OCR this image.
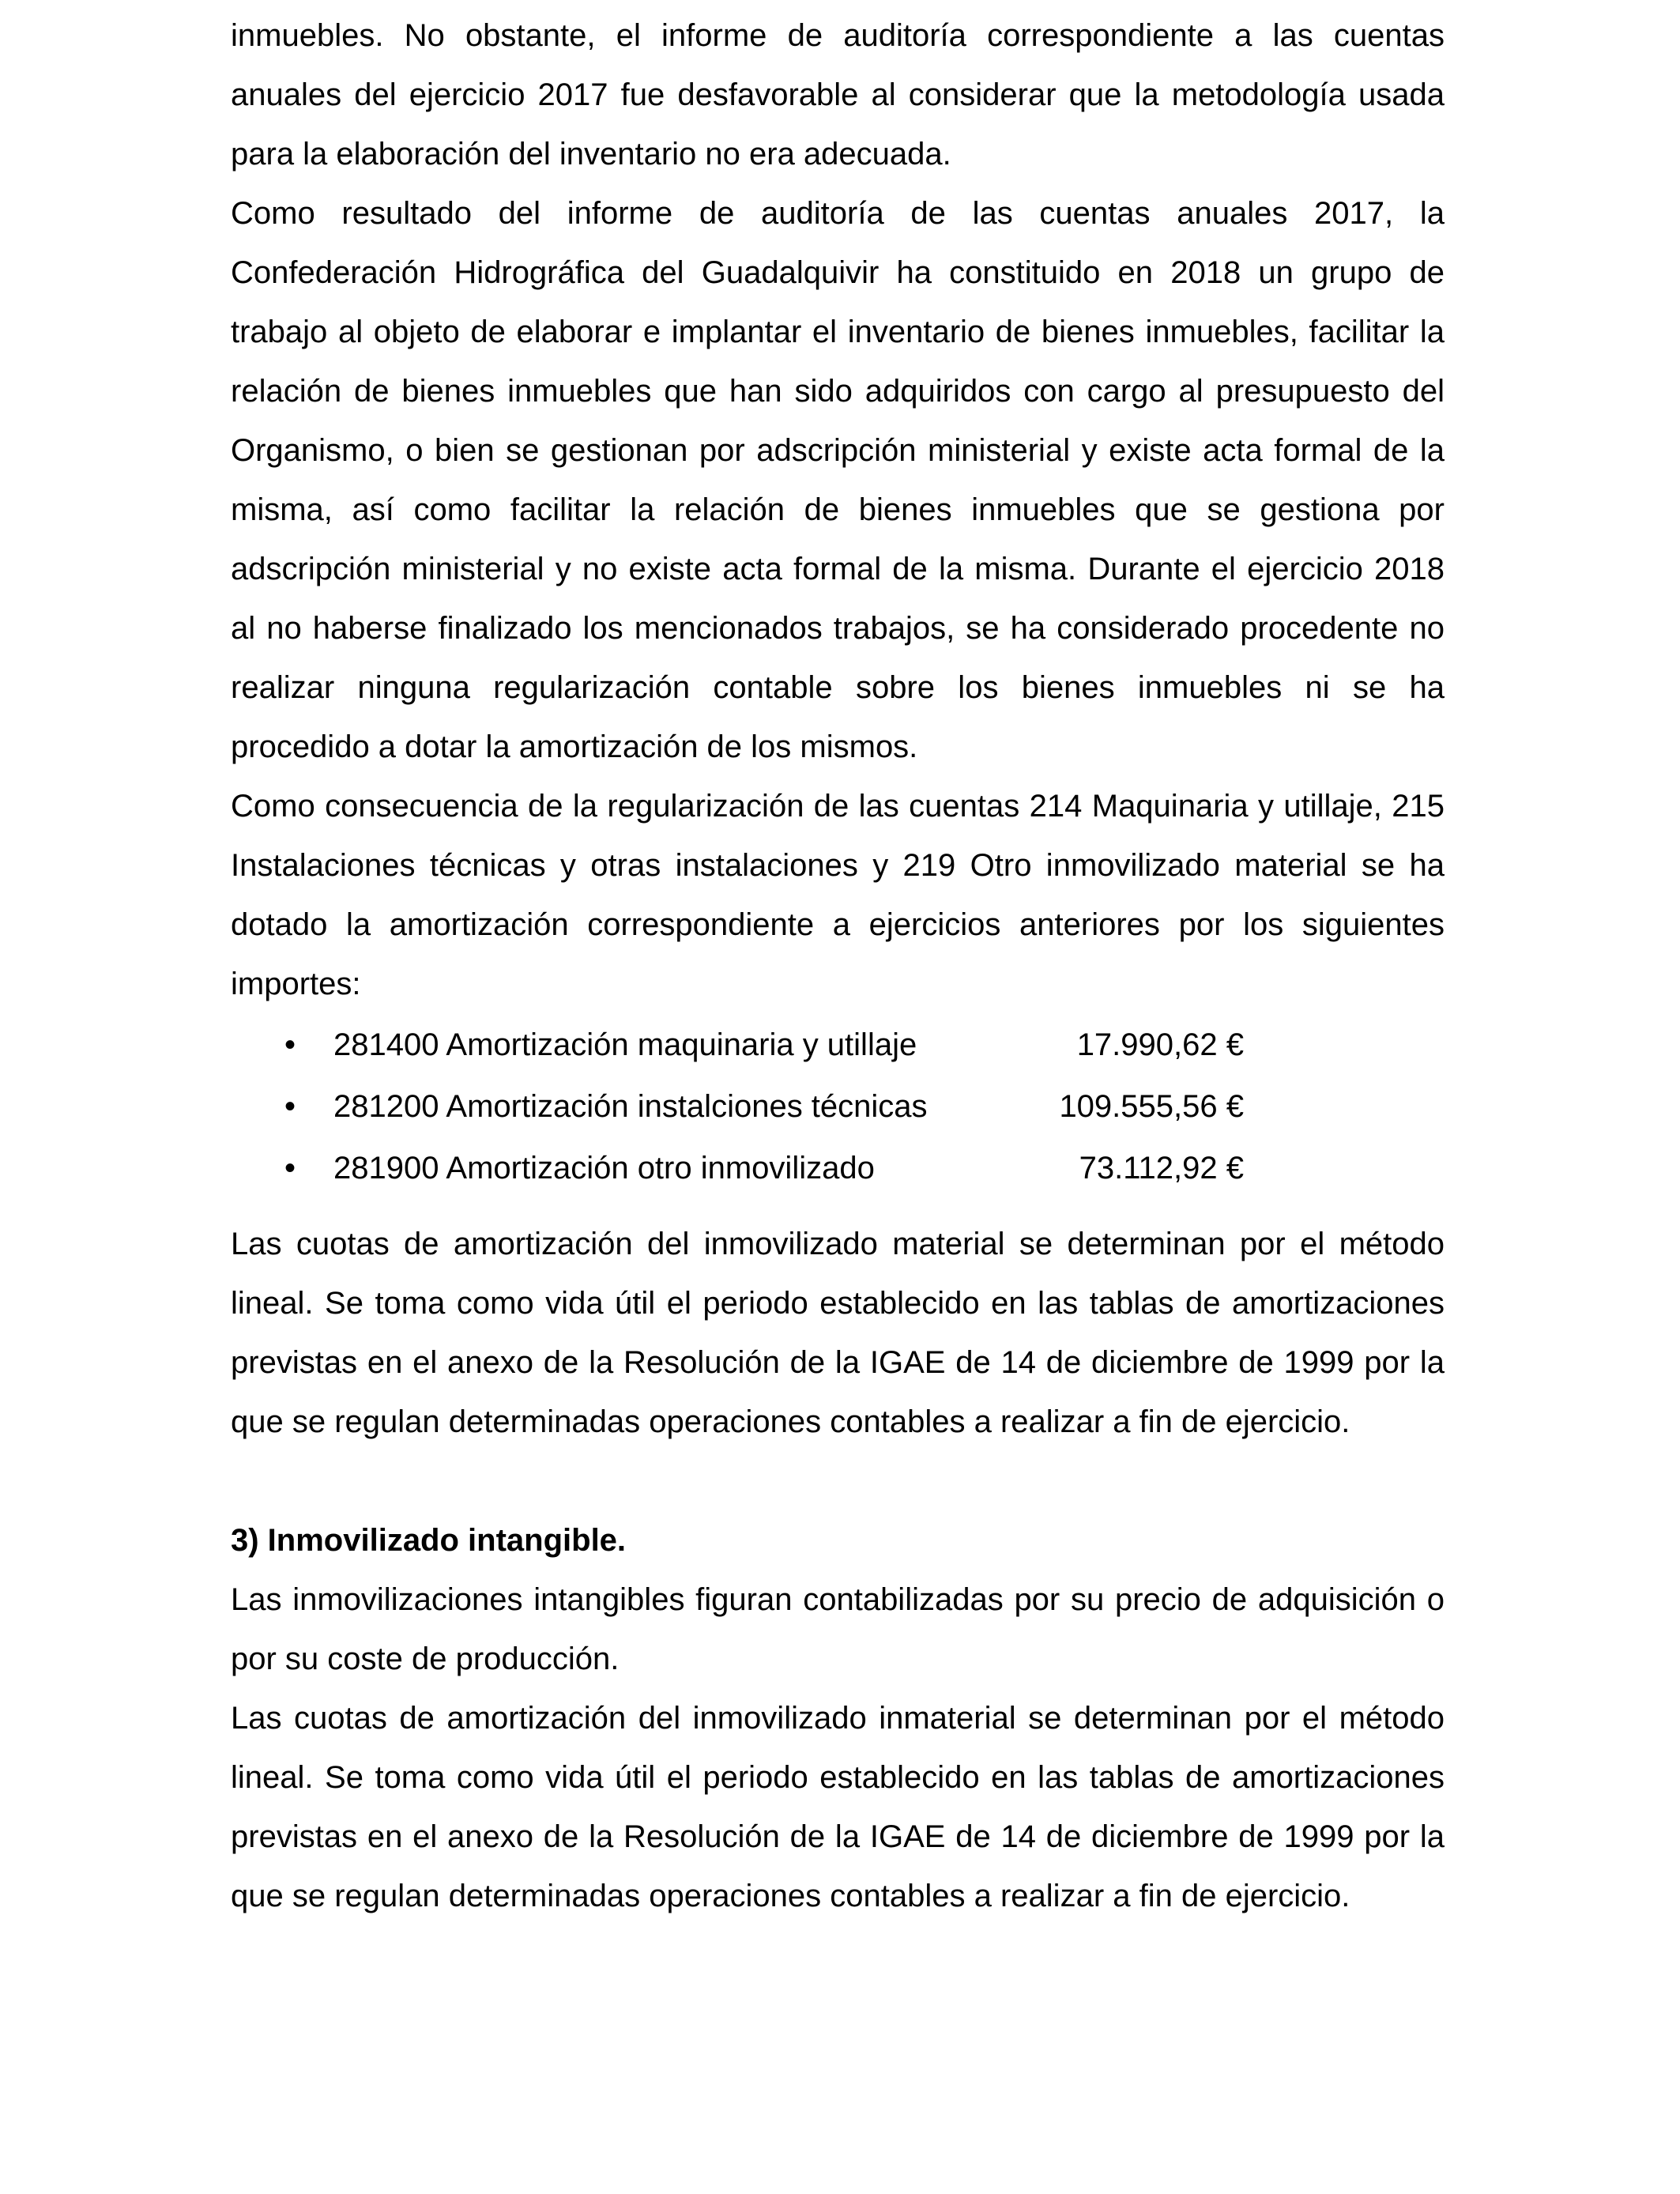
inmuebles. No obstante, el informe de auditoría correspondiente a las cuentas anuales del ejercicio 2017 fue desfavorable al considerar que la metodología usada para la elaboración del inventario no era adecuada.

Como resultado del informe de auditoría de las cuentas anuales 2017, la Confederación Hidrográfica del Guadalquivir ha constituido en 2018 un grupo de trabajo al objeto de elaborar e implantar el inventario de bienes inmuebles, facilitar la relación de bienes inmuebles que han sido adquiridos con cargo al presupuesto del Organismo, o bien se gestionan por adscripción ministerial y existe acta formal de la misma, así como facilitar la relación de bienes inmuebles que se gestiona por adscripción ministerial y no existe acta formal de la misma. Durante el ejercicio 2018 al no haberse finalizado los mencionados trabajos, se ha considerado procedente no realizar ninguna regularización contable sobre los bienes inmuebles ni se ha procedido a dotar la amortización de los mismos.

Como consecuencia de la regularización de las cuentas 214 Maquinaria y utillaje, 215 Instalaciones técnicas y otras instalaciones y 219 Otro inmovilizado material se ha dotado la amortización correspondiente a ejercicios anteriores por los siguientes importes:

• 281400 Amortización maquinaria y utillaje	17.990,62 €
• 281200 Amortización instalciones técnicas	109.555,56 €
• 281900 Amortización otro inmovilizado	73.112,92 €

Las cuotas de amortización del inmovilizado material se determinan por el método lineal. Se toma como vida útil el periodo establecido en las tablas de amortizaciones previstas en el anexo de la Resolución de la IGAE de 14 de diciembre de 1999 por la que se regulan determinadas operaciones contables a realizar a fin de ejercicio.

3) Inmovilizado intangible.

Las inmovilizaciones intangibles figuran contabilizadas por su precio de adquisición o por su coste de producción.

Las cuotas de amortización del inmovilizado inmaterial se determinan por el método lineal. Se toma como vida útil el periodo establecido en las tablas de amortizaciones previstas en el anexo de la Resolución de la IGAE de 14 de diciembre de 1999 por la que se regulan determinadas operaciones contables a realizar a fin de ejercicio.
